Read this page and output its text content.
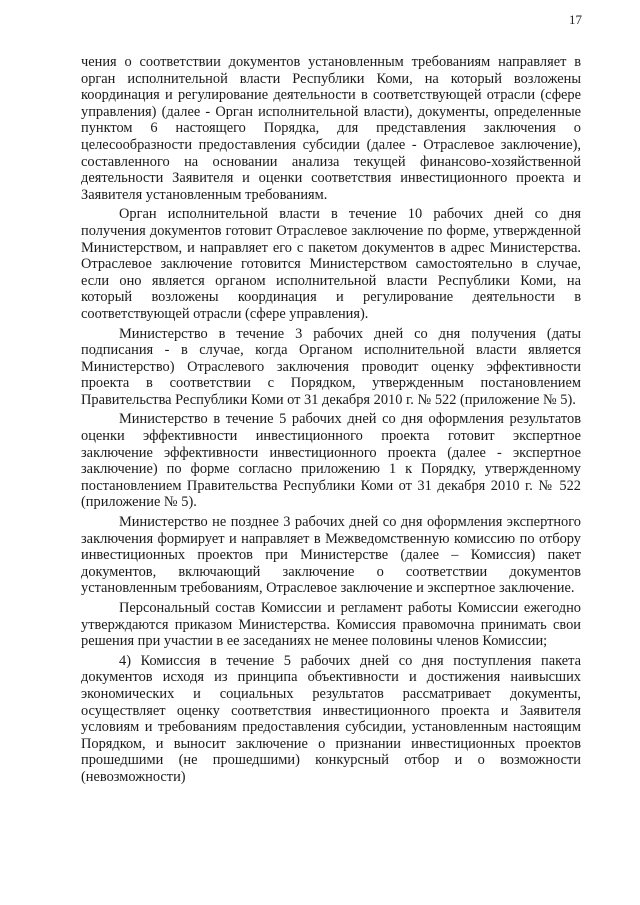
17

чения о соответствии документов установленным требованиям направляет в орган исполнительной власти Республики Коми, на который возложены координация и регулирование деятельности в соответствующей отрасли (сфере управления) (далее - Орган исполнительной власти), документы, определенные пунктом 6 настоящего Порядка, для представления заключения о целесообразности предоставления субсидии (далее - Отраслевое заключение), составленного на основании анализа текущей финансово-хозяйственной деятельности Заявителя и оценки соответствия инвестиционного проекта и Заявителя установленным требованиям.

Орган исполнительной власти в течение 10 рабочих дней со дня получения документов готовит Отраслевое заключение по форме, утвержденной Министерством, и направляет его с пакетом документов в адрес Министерства. Отраслевое заключение готовится Министерством самостоятельно в случае, если оно является органом исполнительной власти Республики Коми, на который возложены координация и регулирование деятельности в соответствующей отрасли (сфере управления).

Министерство в течение 3 рабочих дней со дня получения (даты подписания - в случае, когда Органом исполнительной власти является Министерство) Отраслевого заключения проводит оценку эффективности проекта в соответствии с Порядком, утвержденным постановлением Правительства Республики Коми от 31 декабря 2010 г. № 522 (приложение № 5).

Министерство в течение 5 рабочих дней со дня оформления результатов оценки эффективности инвестиционного проекта готовит экспертное заключение эффективности инвестиционного проекта (далее - экспертное заключение) по форме согласно приложению 1 к Порядку, утвержденному постановлением Правительства Республики Коми от 31 декабря 2010 г. № 522 (приложение № 5).

Министерство не позднее 3 рабочих дней со дня оформления экспертного заключения формирует и направляет в Межведомственную комиссию по отбору инвестиционных проектов при Министерстве (далее – Комиссия) пакет документов, включающий заключение о соответствии документов установленным требованиям, Отраслевое заключение и экспертное заключение.

Персональный состав Комиссии и регламент работы Комиссии ежегодно утверждаются приказом Министерства. Комиссия правомочна принимать свои решения при участии в ее заседаниях не менее половины членов Комиссии;

4) Комиссия в течение 5 рабочих дней со дня поступления пакета документов исходя из принципа объективности и достижения наивысших экономических и социальных результатов рассматривает документы, осуществляет оценку соответствия инвестиционного проекта и Заявителя условиям и требованиям предоставления субсидии, установленным настоящим Порядком, и выносит заключение о признании инвестиционных проектов прошедшими (не прошедшими) конкурсный отбор и о возможности (невозможности)
